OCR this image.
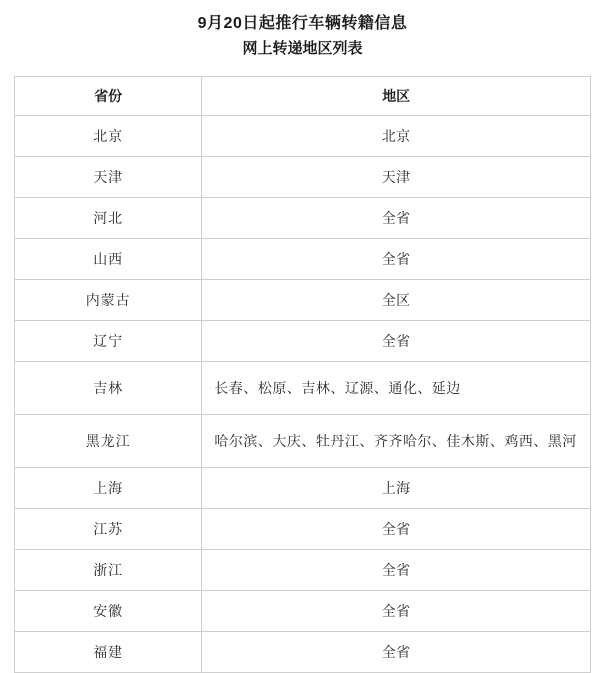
9月20日起推行车辆转籍信息
网上转递地区列表
省份	地区
北京	北京
天津	天津
河北	全省
山西	全省
内蒙古	全区
辽宁	全省
吉林	长春、松原、吉林、辽源、通化、延边
黑龙江	哈尔滨、大庆、牡丹江、齐齐哈尔、佳木斯、鸡西、黑河
上海	上海
江苏	全省
浙江	全省
安徽	全省
福建	全省
